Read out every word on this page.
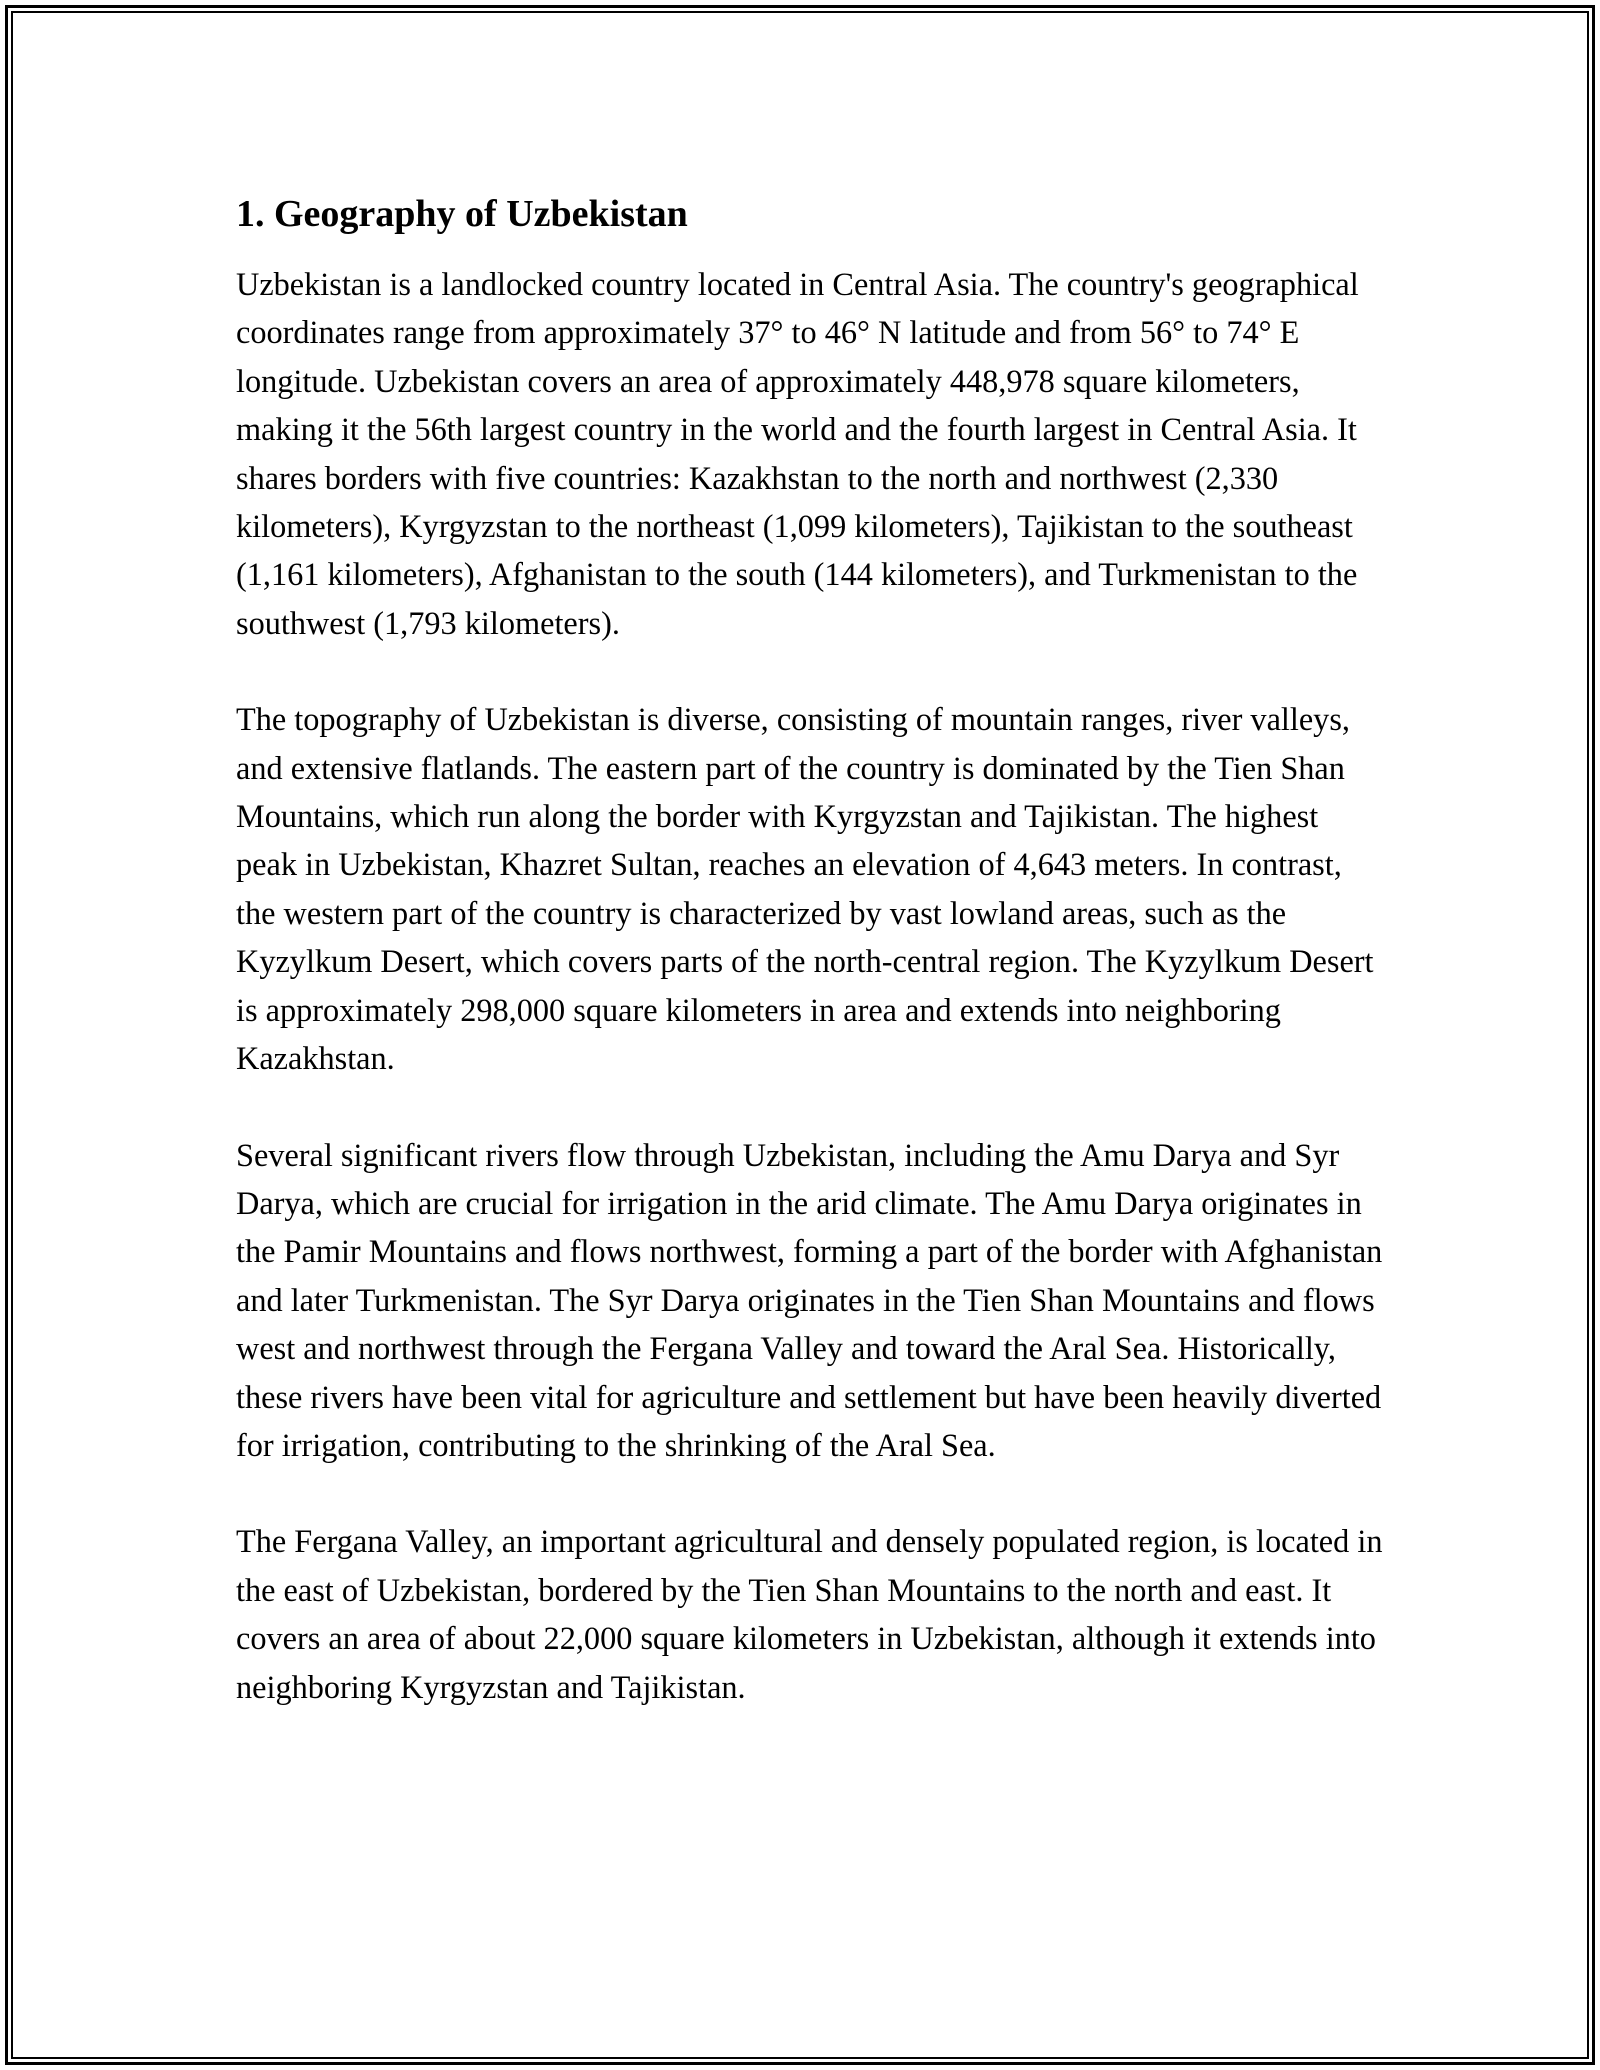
1. Geography of Uzbekistan

Uzbekistan is a landlocked country located in Central Asia. The country's geographical coordinates range from approximately 37° to 46° N latitude and from 56° to 74° E longitude. Uzbekistan covers an area of approximately 448,978 square kilometers, making it the 56th largest country in the world and the fourth largest in Central Asia. It shares borders with five countries: Kazakhstan to the north and northwest (2,330 kilometers), Kyrgyzstan to the northeast (1,099 kilometers), Tajikistan to the southeast (1,161 kilometers), Afghanistan to the south (144 kilometers), and Turkmenistan to the southwest (1,793 kilometers).

The topography of Uzbekistan is diverse, consisting of mountain ranges, river valleys, and extensive flatlands. The eastern part of the country is dominated by the Tien Shan Mountains, which run along the border with Kyrgyzstan and Tajikistan. The highest peak in Uzbekistan, Khazret Sultan, reaches an elevation of 4,643 meters. In contrast, the western part of the country is characterized by vast lowland areas, such as the Kyzylkum Desert, which covers parts of the north-central region. The Kyzylkum Desert is approximately 298,000 square kilometers in area and extends into neighboring Kazakhstan.

Several significant rivers flow through Uzbekistan, including the Amu Darya and Syr Darya, which are crucial for irrigation in the arid climate. The Amu Darya originates in the Pamir Mountains and flows northwest, forming a part of the border with Afghanistan and later Turkmenistan. The Syr Darya originates in the Tien Shan Mountains and flows west and northwest through the Fergana Valley and toward the Aral Sea. Historically, these rivers have been vital for agriculture and settlement but have been heavily diverted for irrigation, contributing to the shrinking of the Aral Sea.

The Fergana Valley, an important agricultural and densely populated region, is located in the east of Uzbekistan, bordered by the Tien Shan Mountains to the north and east. It covers an area of about 22,000 square kilometers in Uzbekistan, although it extends into neighboring Kyrgyzstan and Tajikistan.
